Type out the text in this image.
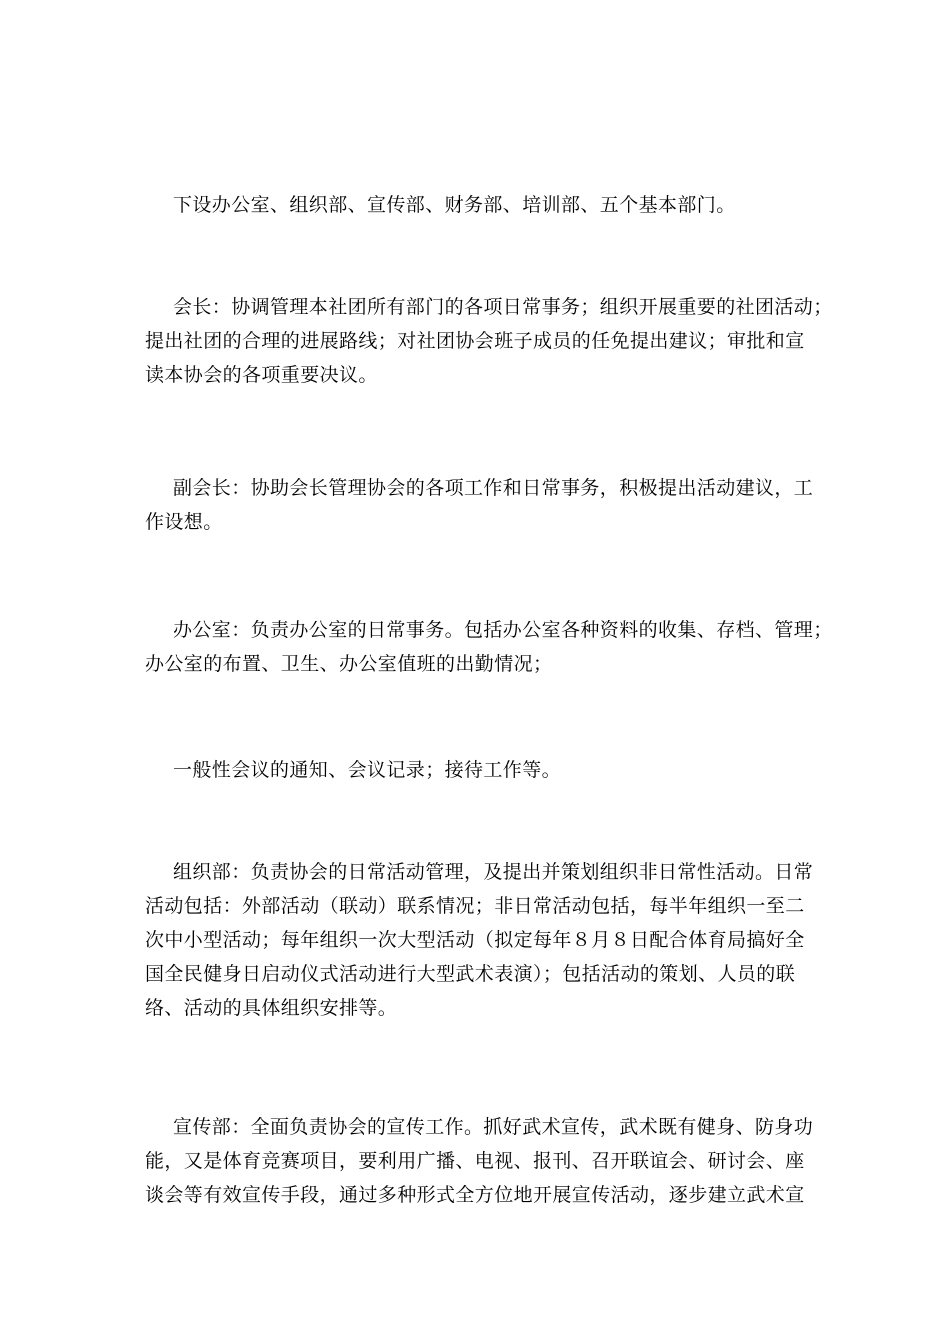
下设办公室、组织部、宣传部、财务部、培训部、五个基本部门。
会长：协调管理本社团所有部门的各项日常事务；组织开展重要的社团活动；
提出社团的合理的进展路线；对社团协会班子成员的任免提出建议；审批和宣
读本协会的各项重要决议。
副会长：协助会长管理协会的各项工作和日常事务，积极提出活动建议，工
作设想。
办公室：负责办公室的日常事务。包括办公室各种资料的收集、存档、管理；
办公室的布置、卫生、办公室值班的出勤情况；
一般性会议的通知、会议记录；接待工作等。
组织部：负责协会的日常活动管理，及提出并策划组织非日常性活动。日常
活动包括：外部活动（联动）联系情况；非日常活动包括，每半年组织一至二
次中小型活动；每年组织一次大型活动（拟定每年８月８日配合体育局搞好全
国全民健身日启动仪式活动进行大型武术表演）；包括活动的策划、人员的联
络、活动的具体组织安排等。
宣传部：全面负责协会的宣传工作。抓好武术宣传，武术既有健身、防身功
能，又是体育竞赛项目，要利用广播、电视、报刊、召开联谊会、研讨会、座
谈会等有效宣传手段，通过多种形式全方位地开展宣传活动，逐步建立武术宣
